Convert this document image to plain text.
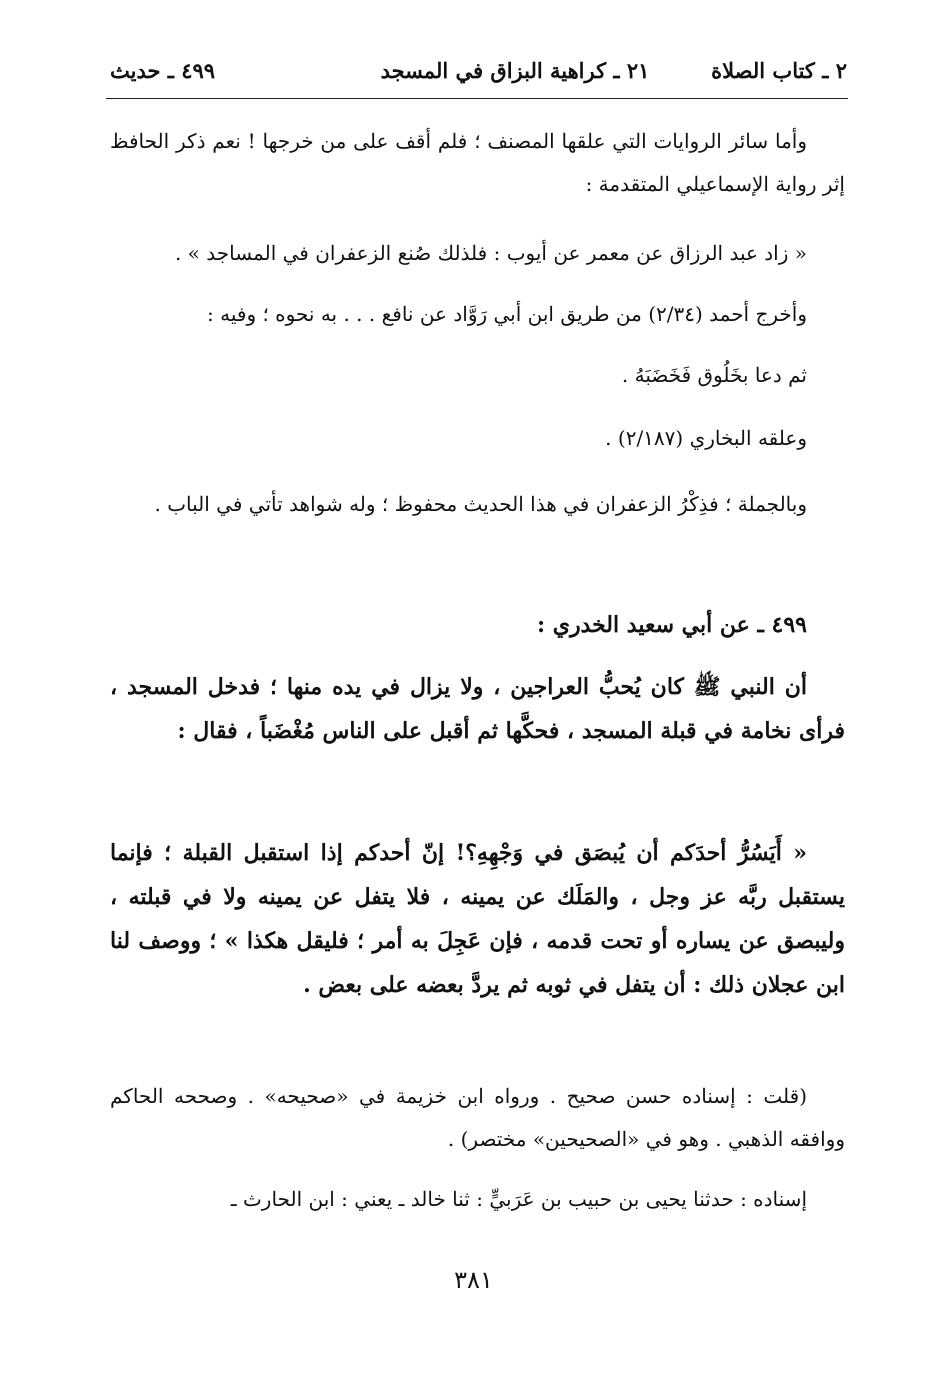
٢ ـ كتاب الصلاة
٢١ ـ كراهية البزاق في المسجد
٤٩٩ ـ حديث

وأما سائر الروايات التي علقها المصنف ؛ فلم أقف على من خرجها ! نعم ذكر الحافظ إثر رواية الإسماعيلي المتقدمة :

« زاد عبد الرزاق عن معمر عن أيوب : فلذلك صُنع الزعفران في المساجد » .

وأخرج أحمد (٢/٣٤) من طريق ابن أبي رَوَّاد عن نافع . . . به نحوه ؛ وفيه :

ثم دعا بخَلُوق فَخَضَبَهُ .

وعلقه البخاري (٢/١٨٧) .

وبالجملة ؛ فذِكْرُ الزعفران في هذا الحديث محفوظ ؛ وله شواهد تأتي في الباب .

٤٩٩ ـ عن أبي سعيد الخدري :

أن النبي ﷺ كان يُحبُّ العراجين ، ولا يزال في يده منها ؛ فدخل المسجد ، فرأى نخامة في قبلة المسجد ، فحكَّها ثم أقبل على الناس مُغْضَباً ، فقال :

« أَيَسُرُّ أحدَكم أن يُبصَق في وَجْهِهِ؟! إنّ أحدكم إذا استقبل القبلة ؛ فإنما يستقبل ربَّه عز وجل ، والمَلَك عن يمينه ، فلا يتفل عن يمينه ولا في قبلته ، وليبصق عن يساره أو تحت قدمه ، فإن عَجِلَ به أمر ؛ فليقل هكذا » ؛ ووصف لنا ابن عجلان ذلك : أن يتفل في ثوبه ثم يردَّ بعضه على بعض .

(قلت : إسناده حسن صحيح . ورواه ابن خزيمة في «صحيحه» . وصححه الحاكم ووافقه الذهبي . وهو في «الصحيحين» مختصر) .

إسناده : حدثنا يحيى بن حبيب بن عَرَبيٍّ : ثنا خالد ـ يعني : ابن الحارث ـ

٣٨١
